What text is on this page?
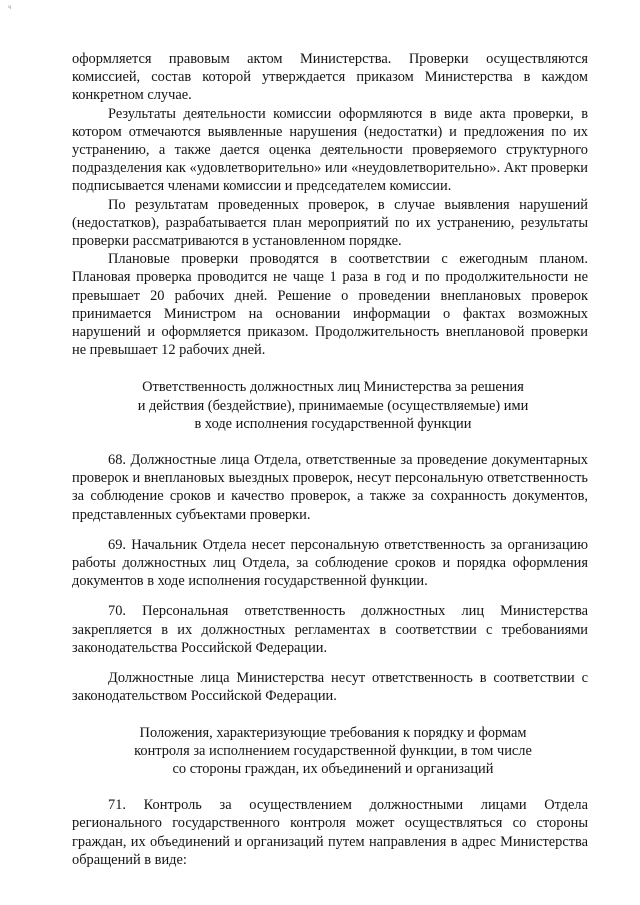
ч

оформляется правовым актом Министерства. Проверки осуществляются комиссией, состав которой утверждается приказом Министерства в каждом конкретном случае.

Результаты деятельности комиссии оформляются в виде акта проверки, в котором отмечаются выявленные нарушения (недостатки) и предложения по их устранению, а также дается оценка деятельности проверяемого структурного подразделения как «удовлетворительно» или «неудовлетворительно». Акт проверки подписывается членами комиссии и председателем комиссии.

По результатам проведенных проверок, в случае выявления нарушений (недостатков), разрабатывается план мероприятий по их устранению, результаты проверки рассматриваются в установленном порядке.

Плановые проверки проводятся в соответствии с ежегодным планом. Плановая проверка проводится не чаще 1 раза в год и по продолжительности не превышает 20 рабочих дней. Решение о проведении внеплановых проверок принимается Министром на основании информации о фактах возможных нарушений и оформляется приказом. Продолжительность внеплановой проверки не превышает 12 рабочих дней.

Ответственность должностных лиц Министерства за решения
и действия (бездействие), принимаемые (осуществляемые) ими
в ходе исполнения государственной функции

68. Должностные лица Отдела, ответственные за проведение документарных проверок и внеплановых выездных проверок, несут персональную ответственность за соблюдение сроков и качество проверок, а также за сохранность документов, представленных субъектами проверки.

69. Начальник Отдела несет персональную ответственность за организацию работы должностных лиц Отдела, за соблюдение сроков и порядка оформления документов в ходе исполнения государственной функции.

70. Персональная ответственность должностных лиц Министерства закрепляется в их должностных регламентах в соответствии с требованиями законодательства Российской Федерации.

Должностные лица Министерства несут ответственность в соответствии с законодательством Российской Федерации.

Положения, характеризующие требования к порядку и формам
контроля за исполнением государственной функции, в том числе
со стороны граждан, их объединений и организаций

71. Контроль за осуществлением должностными лицами Отдела регионального государственного контроля может осуществляться со стороны граждан, их объединений и организаций путем направления в адрес Министерства обращений в виде:
